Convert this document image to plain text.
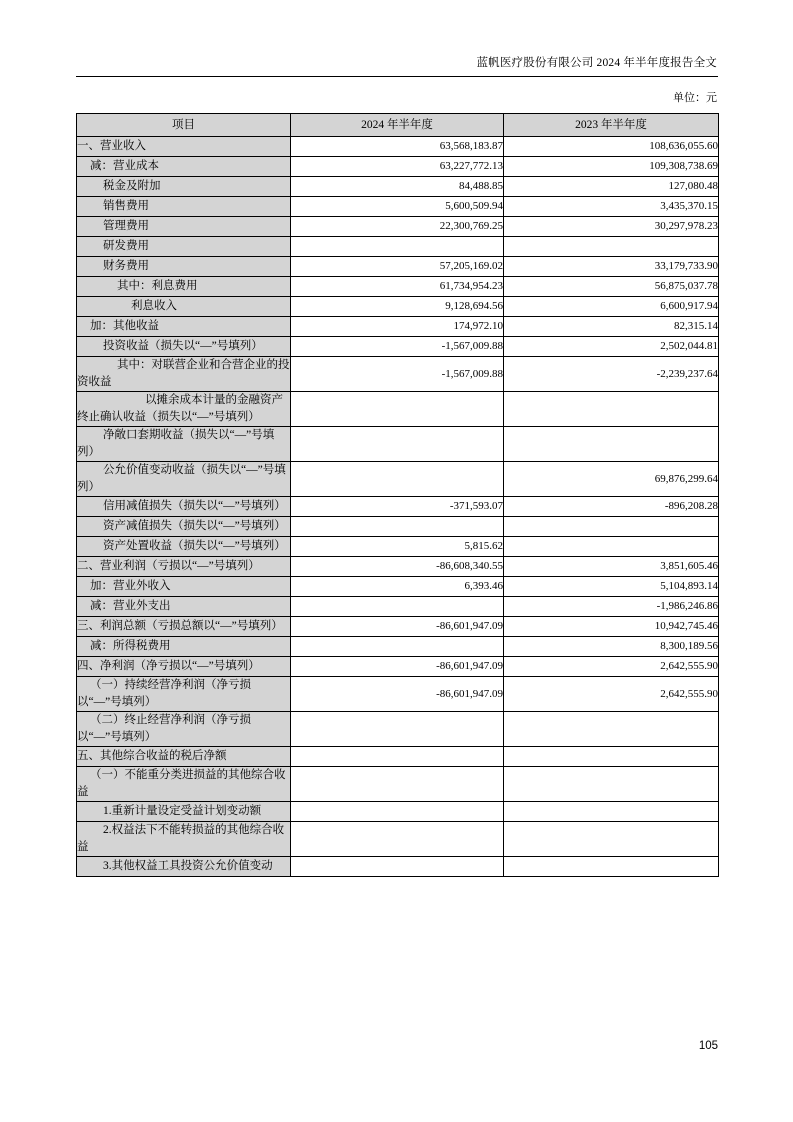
蓝帆医疗股份有限公司 2024 年半年度报告全文
单位：元
项目	2024 年半年度	2023 年半年度

一、营业收入	63,568,183.87	108,636,055.60

减：营业成本	63,227,772.13	109,308,738.69

税金及附加	84,488.85	127,080.48

销售费用	5,600,509.94	3,435,370.15

管理费用	22,300,769.25	30,297,978.23

研发费用		

财务费用	57,205,169.02	33,179,733.90

其中：利息费用	61,734,954.23	56,875,037.78

利息收入	9,128,694.56	6,600,917.94

加：其他收益	174,972.10	82,315.14

投资收益（损失以“—”号填列）	-1,567,009.88	2,502,044.81

其中：对联营企业和合营企业的投资收益	-1,567,009.88	-2,239,237.64

以摊余成本计量的金融资产终止确认收益（损失以“—”号填列）		

净敞口套期收益（损失以“—”号填列）		

公允价值变动收益（损失以“—”号填列）		69,876,299.64

信用减值损失（损失以“—”号填列）	-371,593.07	-896,208.28

资产减值损失（损失以“—”号填列）		

资产处置收益（损失以“—”号填列）	5,815.62	

二、营业利润（亏损以“—”号填列）	-86,608,340.55	3,851,605.46

加：营业外收入	6,393.46	5,104,893.14

减：营业外支出		-1,986,246.86

三、利润总额（亏损总额以“—”号填列）	-86,601,947.09	10,942,745.46

减：所得税费用		8,300,189.56

四、净利润（净亏损以“—”号填列）	-86,601,947.09	2,642,555.90

（一）持续经营净利润（净亏损以“—”号填列）	-86,601,947.09	2,642,555.90

（二）终止经营净利润（净亏损以“—”号填列）		

五、其他综合收益的税后净额		

（一）不能重分类进损益的其他综合收益		

1.重新计量设定受益计划变动额		

2.权益法下不能转损益的其他综合收益		

3.其他权益工具投资公允价值变动		

105
